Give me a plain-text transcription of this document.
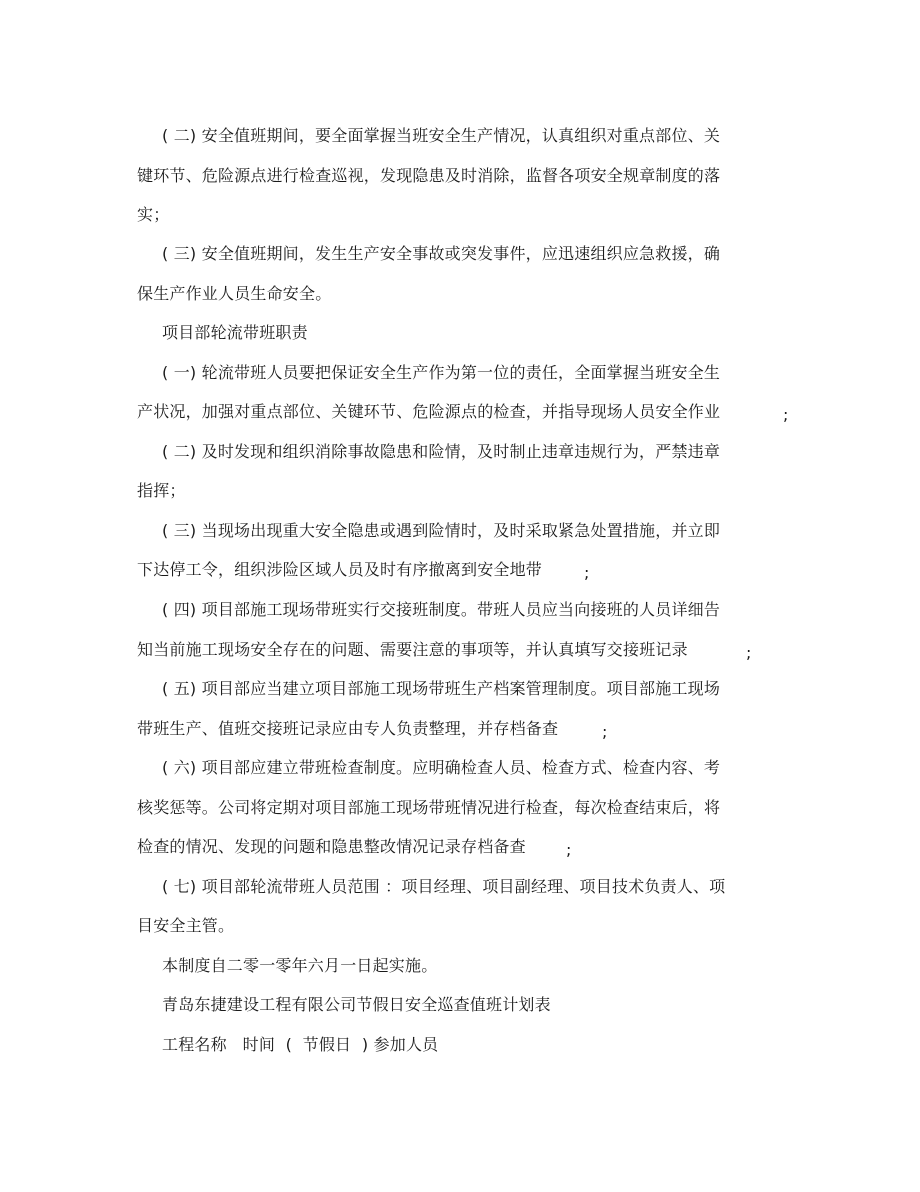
( 二) 安全值班期间，要全面掌握当班安全生产情况，认真组织对重点部位、关
键环节、危险源点进行检查巡视，发现隐患及时消除，监督各项安全规章制度的落
实；
( 三) 安全值班期间，发生生产安全事故或突发事件，应迅速组织应急救援，确
保生产作业人员生命安全。
项目部轮流带班职责
( 一) 轮流带班人员要把保证安全生产作为第一位的责任，全面掌握当班安全生
产状况，加强对重点部位、关键环节、危险源点的检查，并指导现场人员安全作业	;
( 二) 及时发现和组织消除事故隐患和险情，及时制止违章违规行为，严禁违章
指挥；
( 三) 当现场出现重大安全隐患或遇到险情时，及时采取紧急处置措施，并立即
下达停工令，组织涉险区域人员及时有序撤离到安全地带	;
( 四) 项目部施工现场带班实行交接班制度。带班人员应当向接班的人员详细告
知当前施工现场安全存在的问题、需要注意的事项等，并认真填写交接班记录	;
( 五) 项目部应当建立项目部施工现场带班生产档案管理制度。项目部施工现场
带班生产、值班交接班记录应由专人负责整理，并存档备查	;
( 六) 项目部应建立带班检查制度。应明确检查人员、检查方式、检查内容、考
核奖惩等。公司将定期对项目部施工现场带班情况进行检查，每次检查结束后，将
检查的情况、发现的问题和隐患整改情况记录存档备查	;
( 七) 项目部轮流带班人员范围 ：项目经理、项目副经理、项目技术负责人、项
目安全主管。
本制度自二零一零年六月一日起实施。
青岛东捷建设工程有限公司节假日安全巡查值班计划表
工程名称   时间  (  节假日  ) 参加人员
